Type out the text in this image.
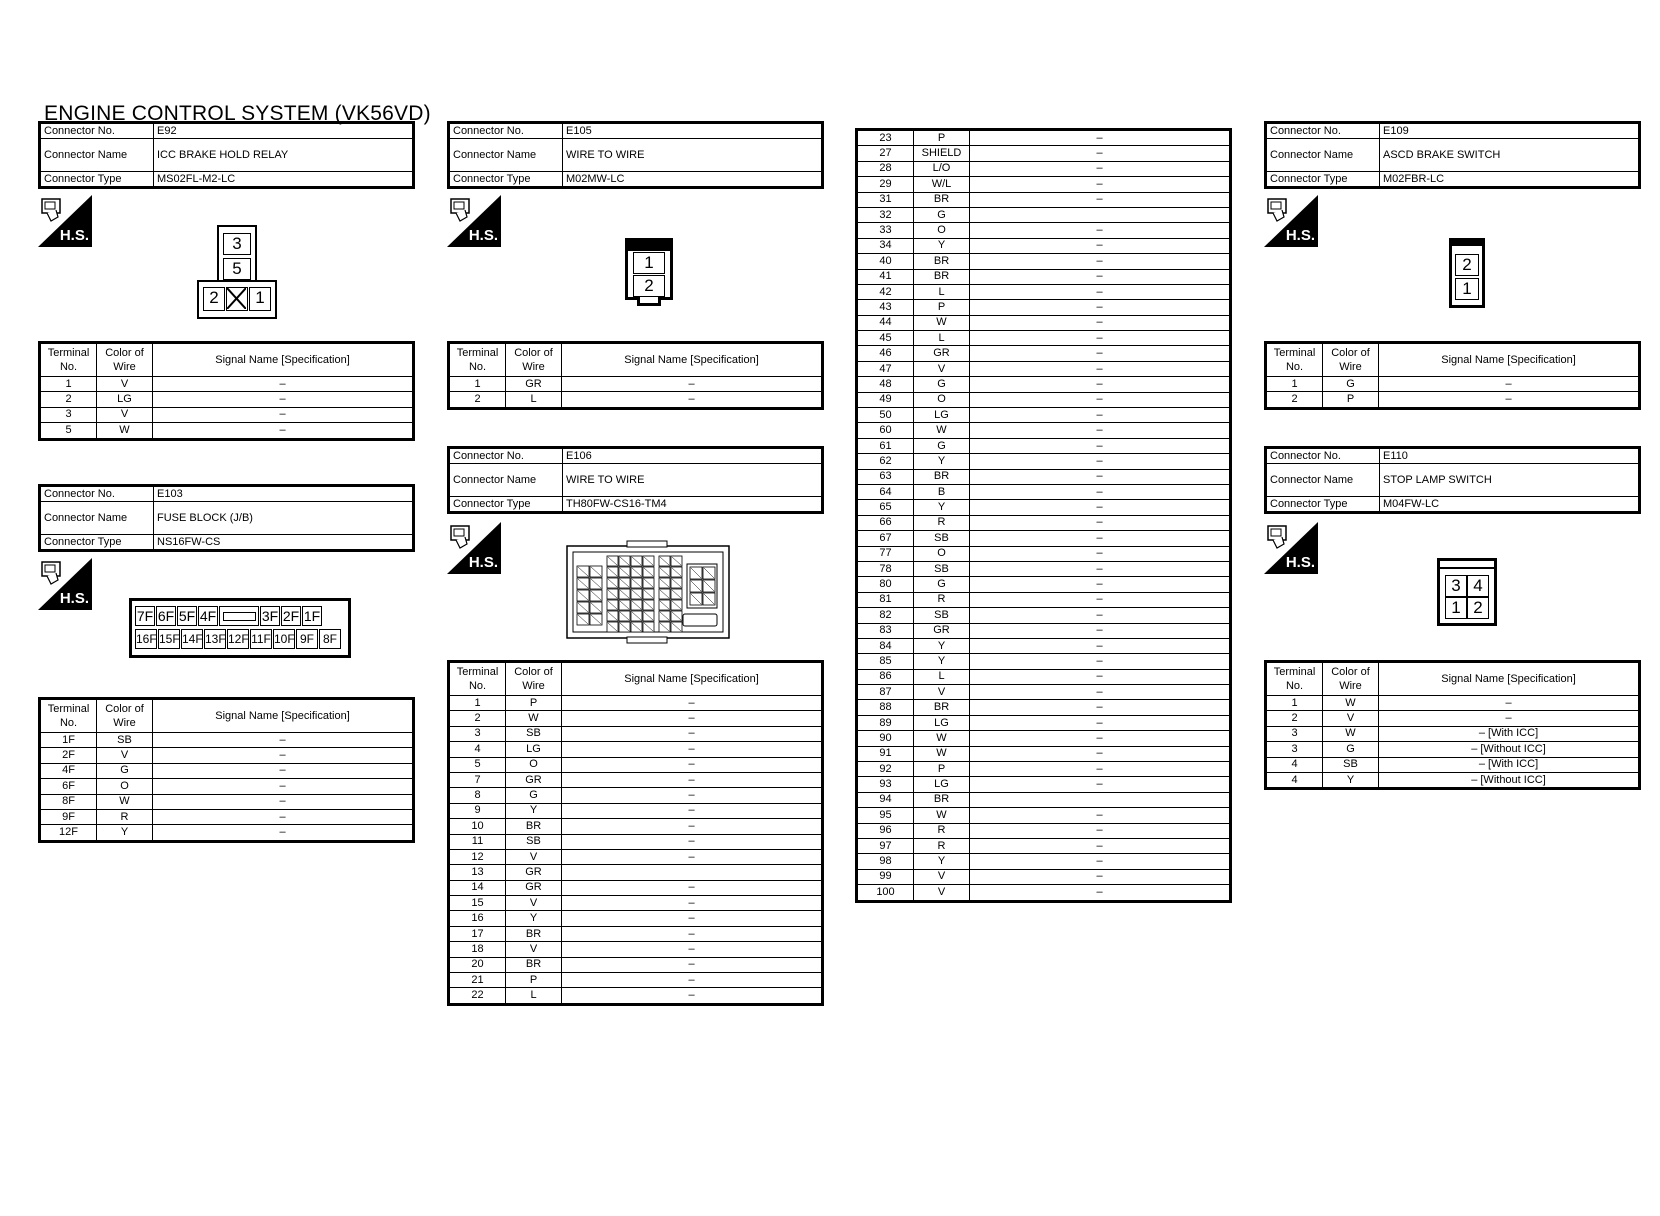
ENGINE CONTROL SYSTEM (VK56VD)
Connector No.	E92
Connector Name	ICC BRAKE HOLD RELAY
Connector Type	MS02FL-M2-LC
H.S.	3
5
2	1
Terminal No.	Color of Wire	Signal Name [Specification]
1	V	–
2	LG	–
3	V	–
5	W	–
Connector No.	E103
Connector Name	FUSE BLOCK (J/B)
Connector Type	NS16FW-CS
H.S.
7F 6F 5F 4F	3F 2F 1F
16F 15F 14F 13F 12F 11F 10F 9F 8F
Terminal No.	Color of Wire	Signal Name [Specification]
1F	SB	–
2F	V	–
4F	G	–
6F	O	–
8F	W	–
9F	R	–
12F	Y	–
Connector No.	E105
Connector Name	WIRE TO WIRE
Connector Type	M02MW-LC
H.S.
1
2
Terminal No.	Color of Wire	Signal Name [Specification]
1	GR	–
2	L	–
Connector No.	E106
Connector Name	WIRE TO WIRE
Connector Type	TH80FW-CS16-TM4
H.S.
Terminal No.	Color of Wire	Signal Name [Specification]
1	P	–
2	W	–
3	SB	–
4	LG	–
5	O	–
7	GR	–
8	G	–
9	Y	–
10	BR	–
11	SB	–
12	V	–
13	GR	
14	GR	–
15	V	–
16	Y	–
17	BR	–
18	V	–
20	BR	–
21	P	–
22	L	–
23	P	–
27	SHIELD	–
28	L/O	–
29	W/L	–
31	BR	–
32	G	
33	O	–
34	Y	–
40	BR	–
41	BR	–
42	L	–
43	P	–
44	W	–
45	L	–
46	GR	–
47	V	–
48	G	–
49	O	–
50	LG	–
60	W	–
61	G	–
62	Y	–
63	BR	–
64	B	–
65	Y	–
66	R	–
67	SB	–
77	O	–
78	SB	–
80	G	–
81	R	–
82	SB	–
83	GR	–
84	Y	–
85	Y	–
86	L	–
87	V	–
88	BR	–
89	LG	–
90	W	–
91	W	–
92	P	–
93	LG	–
94	BR	
95	W	–
96	R	–
97	R	–
98	Y	–
99	V	–
100	V	–
Connector No.	E109
Connector Name	ASCD BRAKE SWITCH
Connector Type	M02FBR-LC
H.S.
2
1
Terminal No.	Color of Wire	Signal Name [Specification]
1	G	–
2	P	–
Connector No.	E110
Connector Name	STOP LAMP SWITCH
Connector Type	M04FW-LC
H.S.
3 4
1 2
Terminal No.	Color of Wire	Signal Name [Specification]
1	W	–
2	V	–
3	W	– [With ICC]
3	G	– [Without ICC]
4	SB	– [With ICC]
4	Y	– [Without ICC]
